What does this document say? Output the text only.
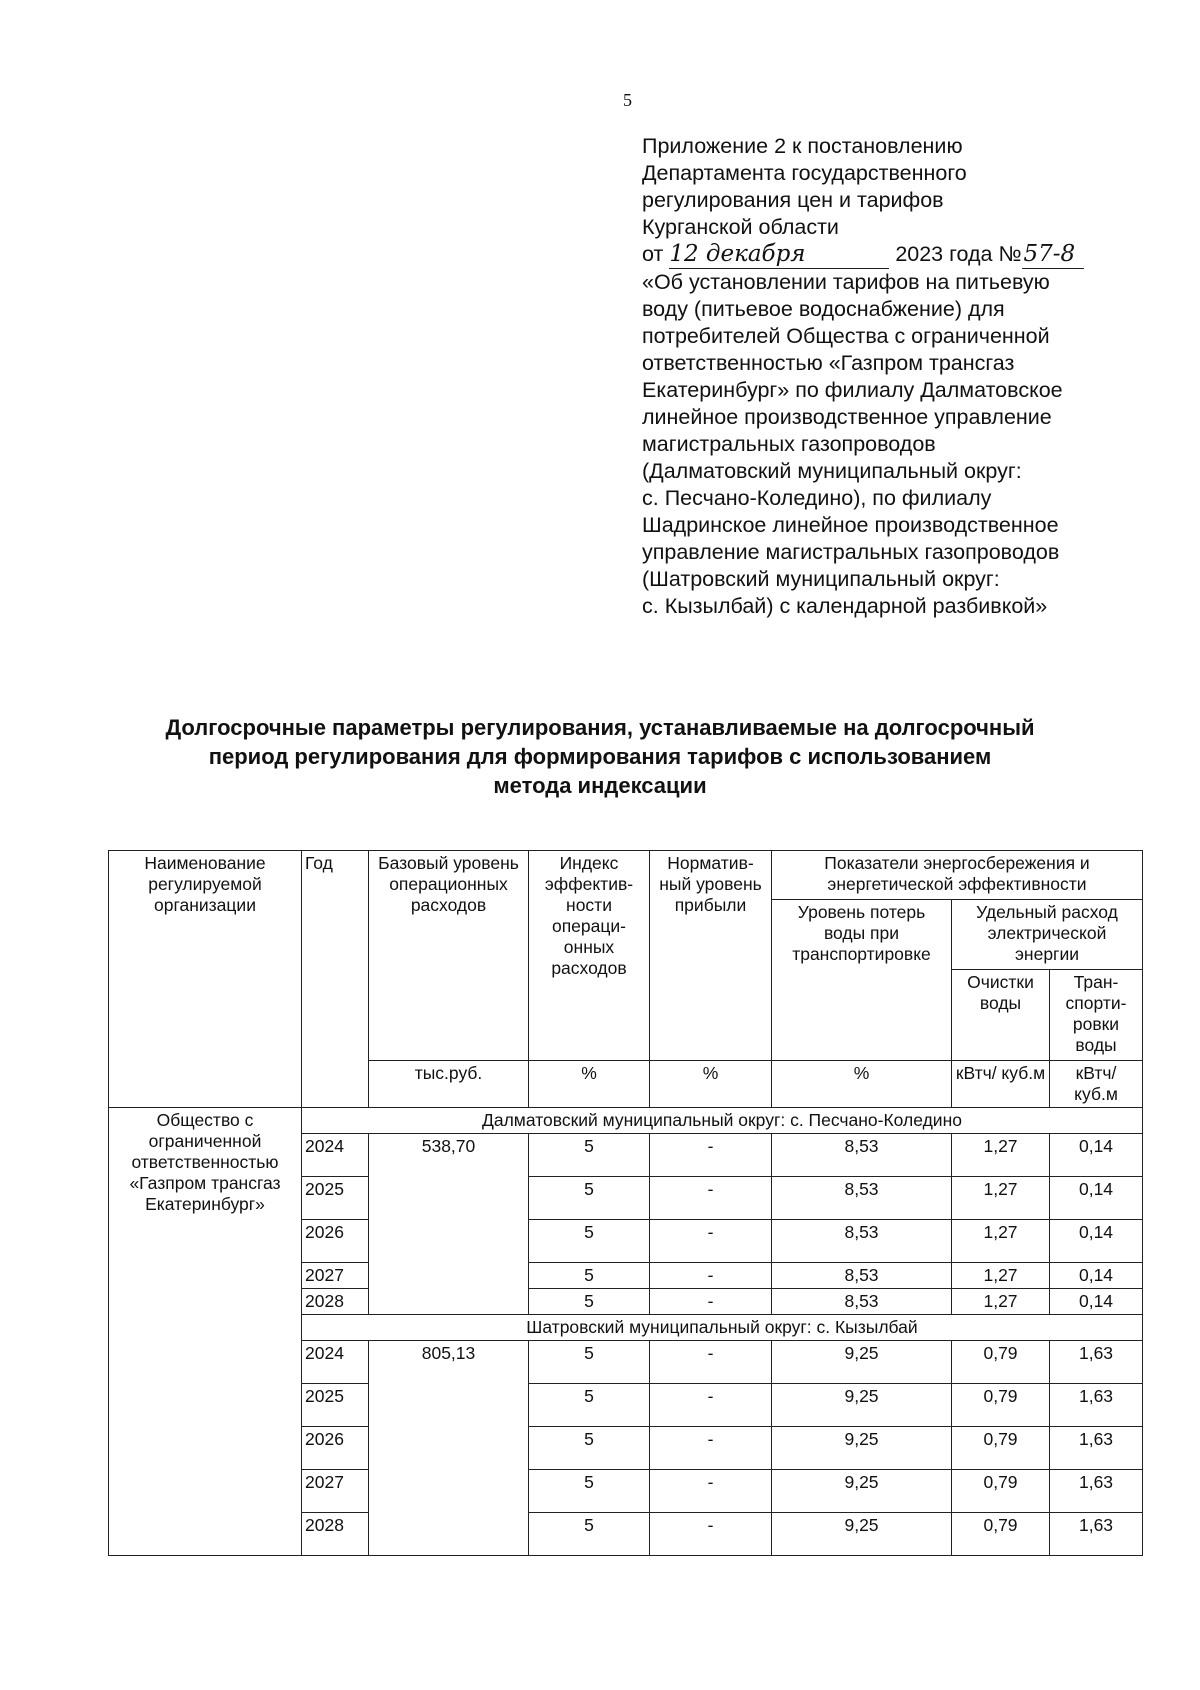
5
Приложение 2 к постановлению
Департамента государственного
регулирования цен и тарифов
Курганской области
от 12 декабря	2023 года №57-8
«Об установлении тарифов на питьевую
воду (питьевое водоснабжение) для
потребителей Общества с ограниченной
ответственностью «Газпром трансгаз
Екатеринбург» по филиалу Далматовское
линейное производственное управление
магистральных газопроводов
(Далматовский муниципальный округ:
с. Песчано-Коледино), по филиалу
Шадринское линейное производственное
управление магистральных газопроводов
(Шатровский муниципальный округ:
с. Кызылбай) с календарной разбивкой»
Долгосрочные параметры регулирования, устанавливаемые на долгосрочный
период регулирования для формирования тарифов с использованием
метода индексации
Наименование регулируемой организации	Год	Базовый уровень операционных расходов	Индекс эффектив-ности операци-онных расходов	Норматив-ный уровень прибыли	Показатели энергосбережения и энергетической эффективности		
					Уровень потерь воды при транспортировке	Удельный расход электрической энергии	
						Очистки воды	Тран-спорти-ровки воды

		тыс.руб.	%	%	%	кВтч/ куб.м	кВтч/ куб.м
Общество с ограниченной ответственностью «Газпром трансгаз Екатеринбург»	Далматовский муниципальный округ: с. Песчано-Коледино						
	2024	538,70	5	-	8,53	1,27	0,14
	2025		5	-	8,53	1,27	0,14
	2026		5	-	8,53	1,27	0,14
	2027		5	-	8,53	1,27	0,14
	2028		5	-	8,53	1,27	0,14
	Шатровский муниципальный округ: с. Кызылбай						
	2024	805,13	5	-	9,25	0,79	1,63
	2025		5	-	9,25	0,79	1,63
	2026		5	-	9,25	0,79	1,63
	2027		5	-	9,25	0,79	1,63
	2028		5	-	9,25	0,79	1,63
